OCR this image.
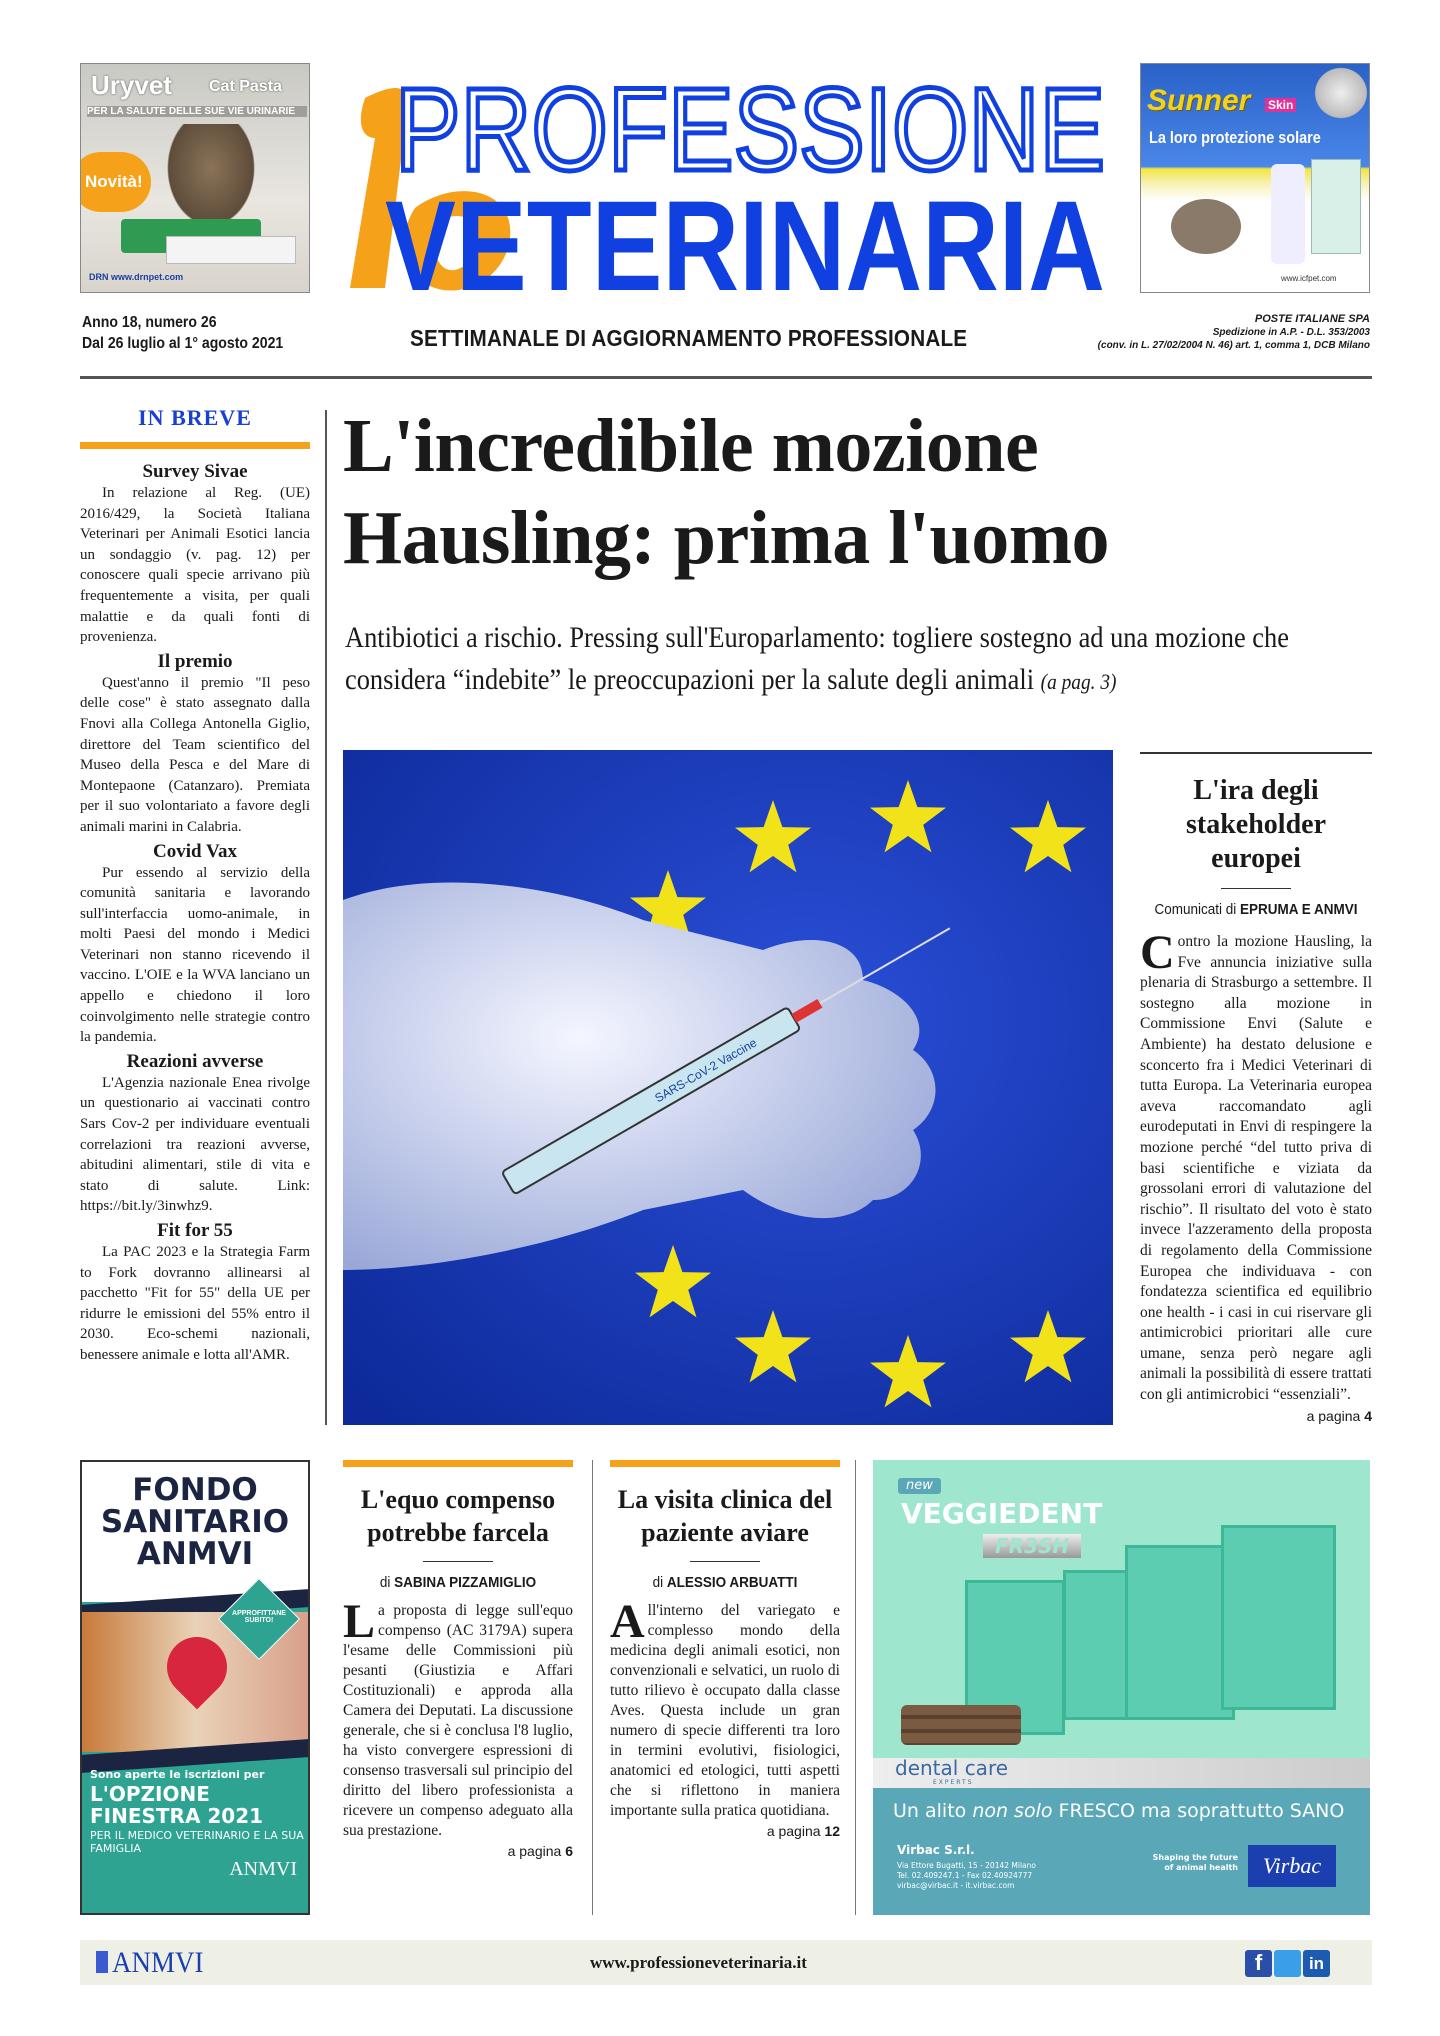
Uryvet Cat Pasta
PER LA SALUTE DELLE SUE VIE URINARIE
Novità!
DRN www.drnpet.com
PROFESSIONE
VETERINARIA
Sunner Skin
La loro protezione solare
www.icfpet.com
Anno 18, numero 26
Dal 26 luglio al 1° agosto 2021	SETTIMANALE DI AGGIORNAMENTO PROFESSIONALE
POSTE ITALIANE SPA
Spedizione in A.P. - D.L. 353/2003
(conv. in L. 27/02/2004 N. 46) art. 1, comma 1, DCB Milano
IN BREVE
Survey Sivae

In relazione al Reg. (UE) 2016/429, la Società Italiana Veterinari per Animali Esotici lancia un sondaggio (v. pag. 12) per conoscere quali specie arrivano più frequentemente a visita, per quali malattie e da quali fonti di provenienza.

Il premio

Quest'anno il premio "Il peso delle cose" è stato assegnato dalla Fnovi alla Collega Antonella Giglio, direttore del Team scientifico del Museo della Pesca e del Mare di Montepaone (Catanzaro). Premiata per il suo volontariato a favore degli animali marini in Calabria.

Covid Vax

Pur essendo al servizio della comunità sanitaria e lavorando sull'interfaccia uomo-animale, in molti Paesi del mondo i Medici Veterinari non stanno ricevendo il vaccino. L'OIE e la WVA lanciano un appello e chiedono il loro coinvolgimento nelle strategie contro la pandemia.

Reazioni avverse

L'Agenzia nazionale Enea rivolge un questionario ai vaccinati contro Sars Cov-2 per individuare eventuali correlazioni tra reazioni avverse, abitudini alimentari, stile di vita e stato di salute. Link: https://bit.ly/3inwhz9.

Fit for 55

La PAC 2023 e la Strategia Farm to Fork dovranno allinearsi al pacchetto "Fit for 55" della UE per ridurre le emissioni del 55% entro il 2030. Eco-schemi nazionali, benessere animale e lotta all'AMR.

L'incredibile mozione
Hausling: prima l'uomo
Antibiotici a rischio. Pressing sull'Europarlamento: togliere sostegno ad una mozione che considera “indebite” le preoccupazioni per la salute degli animali (a pag. 3)
SARS-CoV-2 Vaccine
L'ira degli stakeholder europei
Comunicati di EPRUMA E ANMVI
Contro la mozione Hausling, la Fve annuncia iniziative sulla plenaria di Strasburgo a settembre. Il sostegno alla mozione in Commissione Envi (Salute e Ambiente) ha destato delusione e sconcerto fra i Medici Veterinari di tutta Europa. La Veterinaria europea aveva raccomandato agli eurodeputati in Envi di respingere la mozione perché “del tutto priva di basi scientifiche e viziata da grossolani errori di valutazione del rischio”. Il risultato del voto è stato invece l'azzeramento della proposta di regolamento della Commissione Europea che individuava - con fondatezza scientifica ed equilibrio one health - i casi in cui riservare gli antimicrobici prioritari alle cure umane, senza però negare agli animali la possibilità di essere trattati con gli antimicrobici “essenziali”.
a pagina 4
FONDO SANITARIO ANMVI
APPROFITTANE SUBITO!
Sono aperte le iscrizioni per
L'OPZIONE FINESTRA 2021
PER IL MEDICO VETERINARIO E LA SUA FAMIGLIA
ANMVI
L'equo compenso potrebbe farcela
di SABINA PIZZAMIGLIO
La proposta di legge sull'equo compenso (AC 3179A) supera l'esame delle Commissioni più pesanti (Giustizia e Affari Costituzionali) e approda alla Camera dei Deputati. La discussione generale, che si è conclusa l'8 luglio, ha visto convergere espressioni di consenso trasversali sul principio del diritto del libero professionista a ricevere un compenso adeguato alla sua prestazione.
a pagina 6
La visita clinica del paziente aviare
di ALESSIO ARBUATTI
All'interno del variegato e complesso mondo della medicina degli animali esotici, non convenzionali e selvatici, un ruolo di tutto rilievo è occupato dalla classe Aves. Questa include un gran numero di specie differenti tra loro in termini evolutivi, fisiologici, anatomici ed etologici, tutti aspetti che si riflettono in maniera importante sulla pratica quotidiana.
a pagina 12
new
VEGGIEDENT
FR3SH
dental care
EXPERTS
Un alito non solo FRESCO ma soprattutto SANO
Virbac S.r.l.
Via Ettore Bugatti, 15 - 20142 Milano
Tel. 02.409247.1 - Fax 02.40924777
virbac@virbac.it - it.virbac.com
Shaping the future of animal health	Virbac
ANMVI	www.professioneveterinaria.it	f	in
